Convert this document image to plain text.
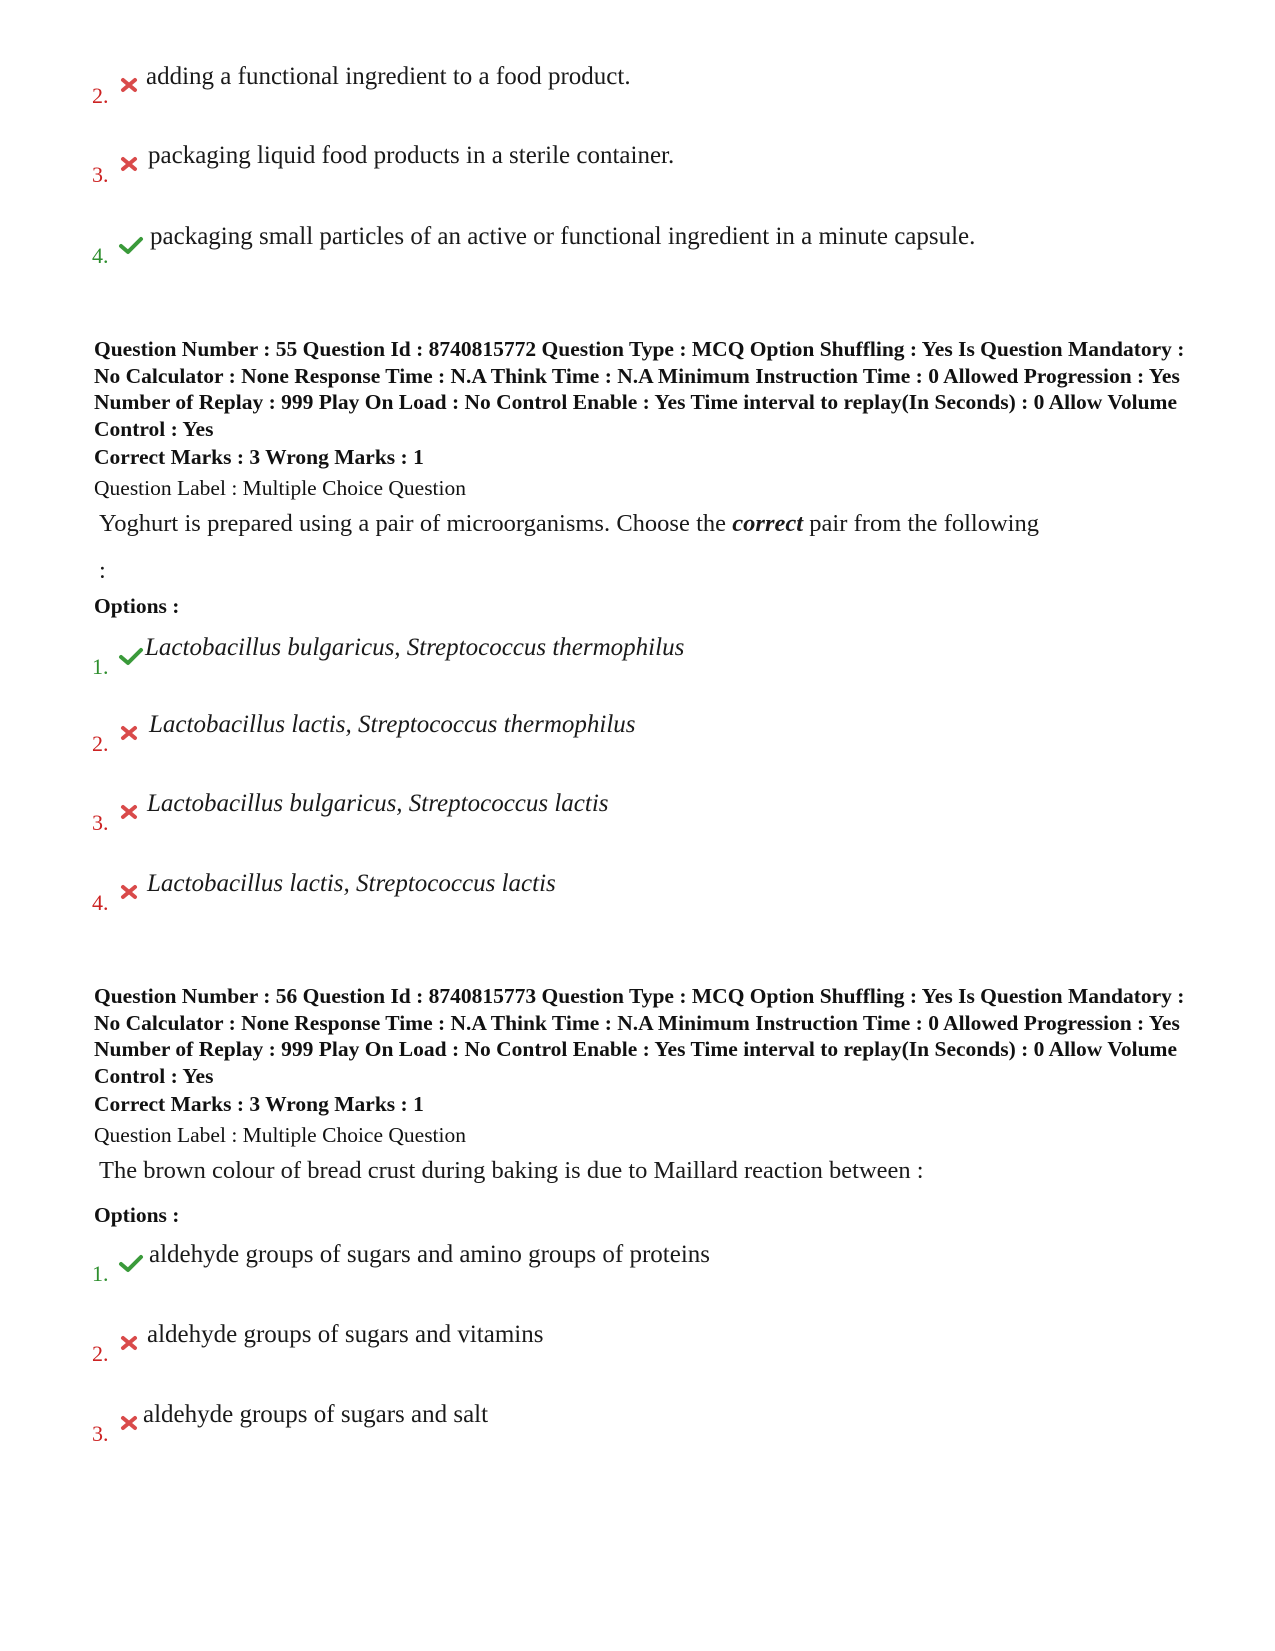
2.
adding a functional ingredient to a food product.
3.
packaging liquid food products in a sterile container.
4.
packaging small particles of an active or functional ingredient in a minute capsule.
Question Number : 55 Question Id : 8740815772 Question Type : MCQ Option Shuffling : Yes Is Question Mandatory : No Calculator : None Response Time : N.A Think Time : N.A Minimum Instruction Time : 0 Allowed Progression : Yes Number of Replay : 999 Play On Load : No Control Enable : Yes Time interval to replay(In Seconds) : 0 Allow Volume Control : Yes
Correct Marks : 3 Wrong Marks : 1
Question Label : Multiple Choice Question
Yoghurt is prepared using a pair of microorganisms. Choose the correct pair from the following :
Options :
1.
Lactobacillus bulgaricus, Streptococcus thermophilus
2.
Lactobacillus lactis, Streptococcus thermophilus
3.
Lactobacillus bulgaricus, Streptococcus lactis
4.
Lactobacillus lactis, Streptococcus lactis
Question Number : 56 Question Id : 8740815773 Question Type : MCQ Option Shuffling : Yes Is Question Mandatory : No Calculator : None Response Time : N.A Think Time : N.A Minimum Instruction Time : 0 Allowed Progression : Yes Number of Replay : 999 Play On Load : No Control Enable : Yes Time interval to replay(In Seconds) : 0 Allow Volume Control : Yes
Correct Marks : 3 Wrong Marks : 1
Question Label : Multiple Choice Question
The brown colour of bread crust during baking is due to Maillard reaction between :
Options :
1.
aldehyde groups of sugars and amino groups of proteins
2.
aldehyde groups of sugars and vitamins
3.
aldehyde groups of sugars and salt
